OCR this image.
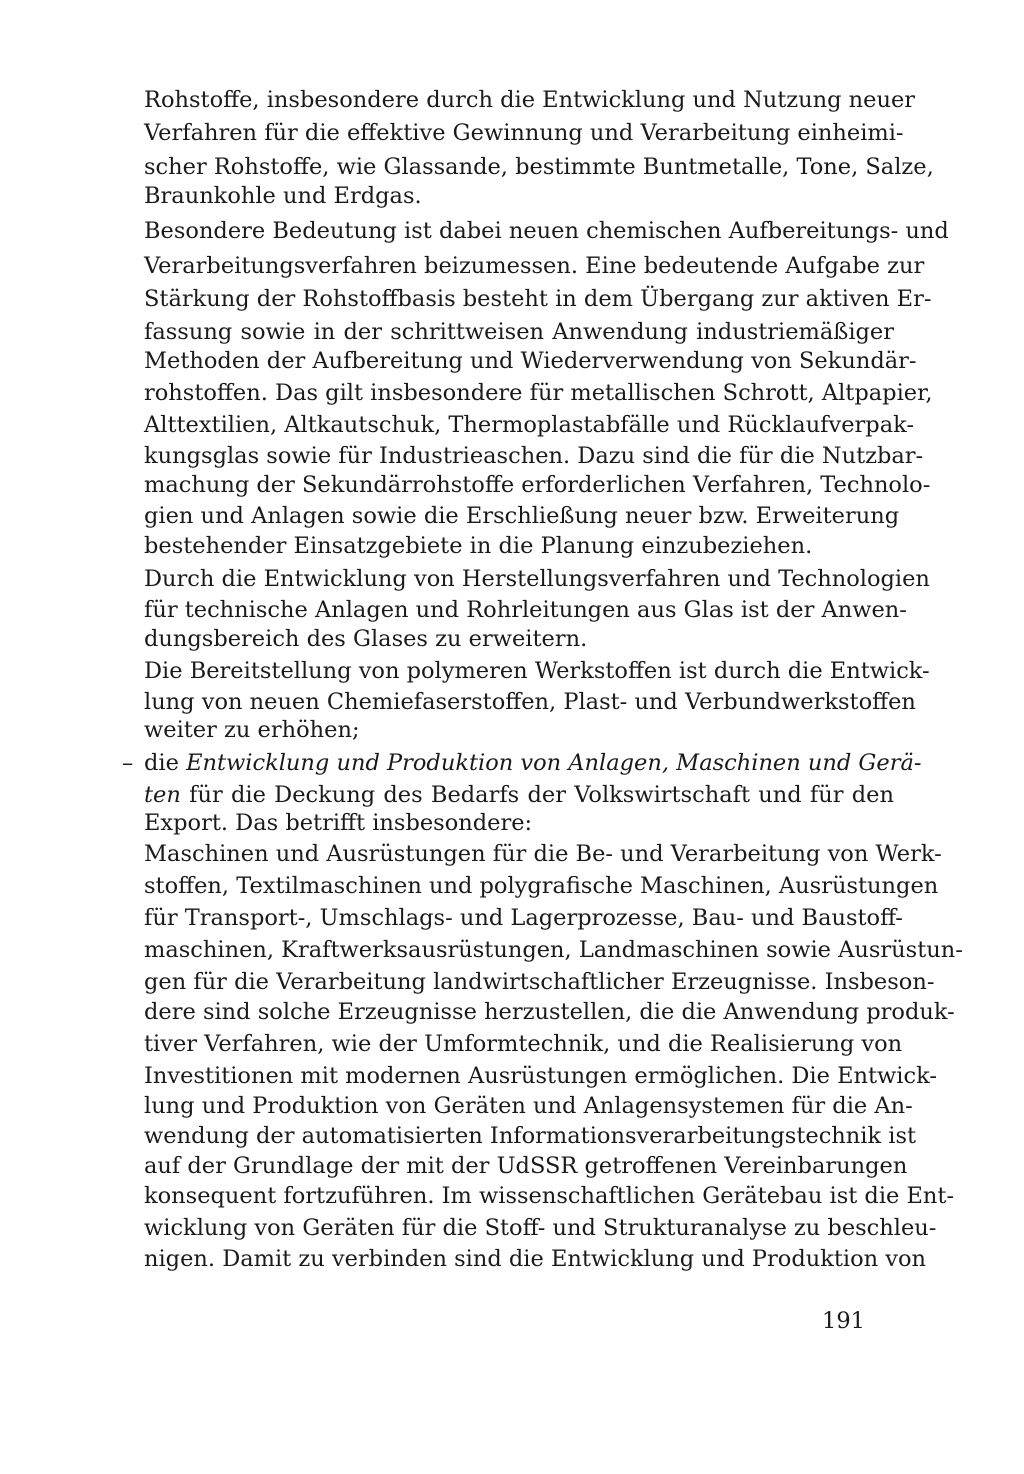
Rohstoffe, insbesondere durch die Entwicklung und Nutzung neuer

Verfahren für die effektive Gewinnung und Verarbeitung einheimi-

scher Rohstoffe, wie Glassande, bestimmte Buntmetalle, Tone, Salze,

Braunkohle und Erdgas.

Besondere Bedeutung ist dabei neuen chemischen Aufbereitungs- und

Verarbeitungsverfahren beizumessen. Eine bedeutende Aufgabe zur

Stärkung der Rohstoffbasis besteht in dem Übergang zur aktiven Er-

fassung sowie in der schrittweisen Anwendung industriemäßiger

Methoden der Aufbereitung und Wiederverwendung von Sekundär-

rohstoffen. Das gilt insbesondere für metallischen Schrott, Altpapier,

Alttextilien, Altkautschuk, Thermoplastabfälle und Rücklaufverpak-

kungsglas sowie für Industrieaschen. Dazu sind die für die Nutzbar-

machung der Sekundärrohstoffe erforderlichen Verfahren, Technolo-

gien und Anlagen sowie die Erschließung neuer bzw. Erweiterung

bestehender Einsatzgebiete in die Planung einzubeziehen.

Durch die Entwicklung von Herstellungsverfahren und Technologien

für technische Anlagen und Rohrleitungen aus Glas ist der Anwen-

dungsbereich des Glases zu erweitern.

Die Bereitstellung von polymeren Werkstoffen ist durch die Entwick-

lung von neuen Chemiefaserstoffen, Plast- und Verbundwerkstoffen

weiter zu erhöhen;

– die Entwicklung und Produktion von Anlagen, Maschinen und Gerä-

ten für die Deckung des Bedarfs der Volkswirtschaft und für den

Export. Das betrifft insbesondere:

Maschinen und Ausrüstungen für die Be- und Verarbeitung von Werk-

stoffen, Textilmaschinen und polygrafische Maschinen, Ausrüstungen

für Transport-, Umschlags- und Lagerprozesse, Bau- und Baustoff-

maschinen, Kraftwerksausrüstungen, Landmaschinen sowie Ausrüstun-

gen für die Verarbeitung landwirtschaftlicher Erzeugnisse. Insbeson-

dere sind solche Erzeugnisse herzustellen, die die Anwendung produk-

tiver Verfahren, wie der Umformtechnik, und die Realisierung von

Investitionen mit modernen Ausrüstungen ermöglichen. Die Entwick-

lung und Produktion von Geräten und Anlagensystemen für die An-

wendung der automatisierten Informationsverarbeitungstechnik ist

auf der Grundlage der mit der UdSSR getroffenen Vereinbarungen

konsequent fortzuführen. Im wissenschaftlichen Gerätebau ist die Ent-

wicklung von Geräten für die Stoff- und Strukturanalyse zu beschleu-

nigen. Damit zu verbinden sind die Entwicklung und Produktion von

191
